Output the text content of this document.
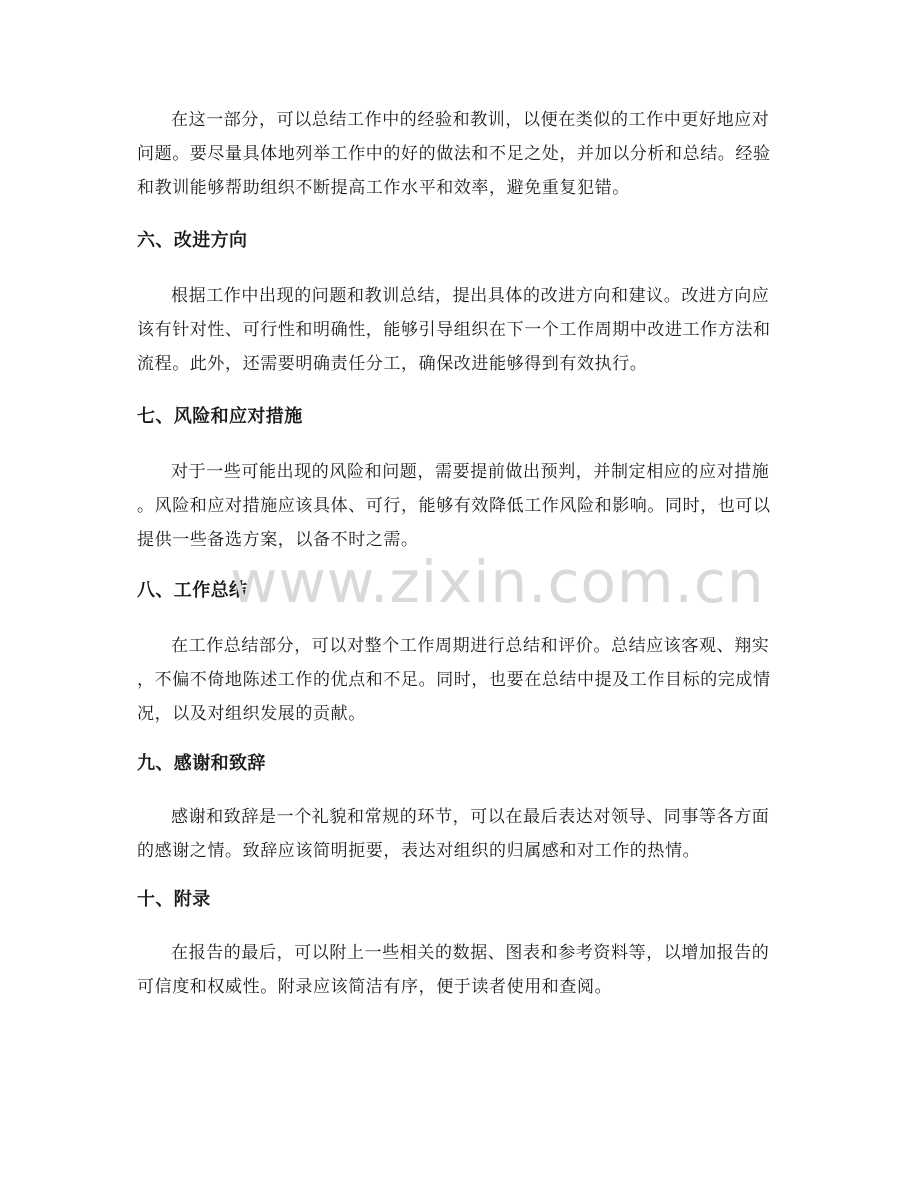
在这一部分，可以总结工作中的经验和教训，以便在类似的工作中更好地应对

问题。要尽量具体地列举工作中的好的做法和不足之处，并加以分析和总结。经验

和教训能够帮助组织不断提高工作水平和效率，避免重复犯错。

六、改进方向

根据工作中出现的问题和教训总结，提出具体的改进方向和建议。改进方向应

该有针对性、可行性和明确性，能够引导组织在下一个工作周期中改进工作方法和

流程。此外，还需要明确责任分工，确保改进能够得到有效执行。

七、风险和应对措施

对于一些可能出现的风险和问题，需要提前做出预判，并制定相应的应对措施

。风险和应对措施应该具体、可行，能够有效降低工作风险和影响。同时，也可以

提供一些备选方案，以备不时之需。

八、工作总结

在工作总结部分，可以对整个工作周期进行总结和评价。总结应该客观、翔实

，不偏不倚地陈述工作的优点和不足。同时，也要在总结中提及工作目标的完成情

况，以及对组织发展的贡献。

九、感谢和致辞

感谢和致辞是一个礼貌和常规的环节，可以在最后表达对领导、同事等各方面

的感谢之情。致辞应该简明扼要，表达对组织的归属感和对工作的热情。

十、附录

在报告的最后，可以附上一些相关的数据、图表和参考资料等，以增加报告的

可信度和权威性。附录应该简洁有序，便于读者使用和查阅。

www.zixin.com.cn
